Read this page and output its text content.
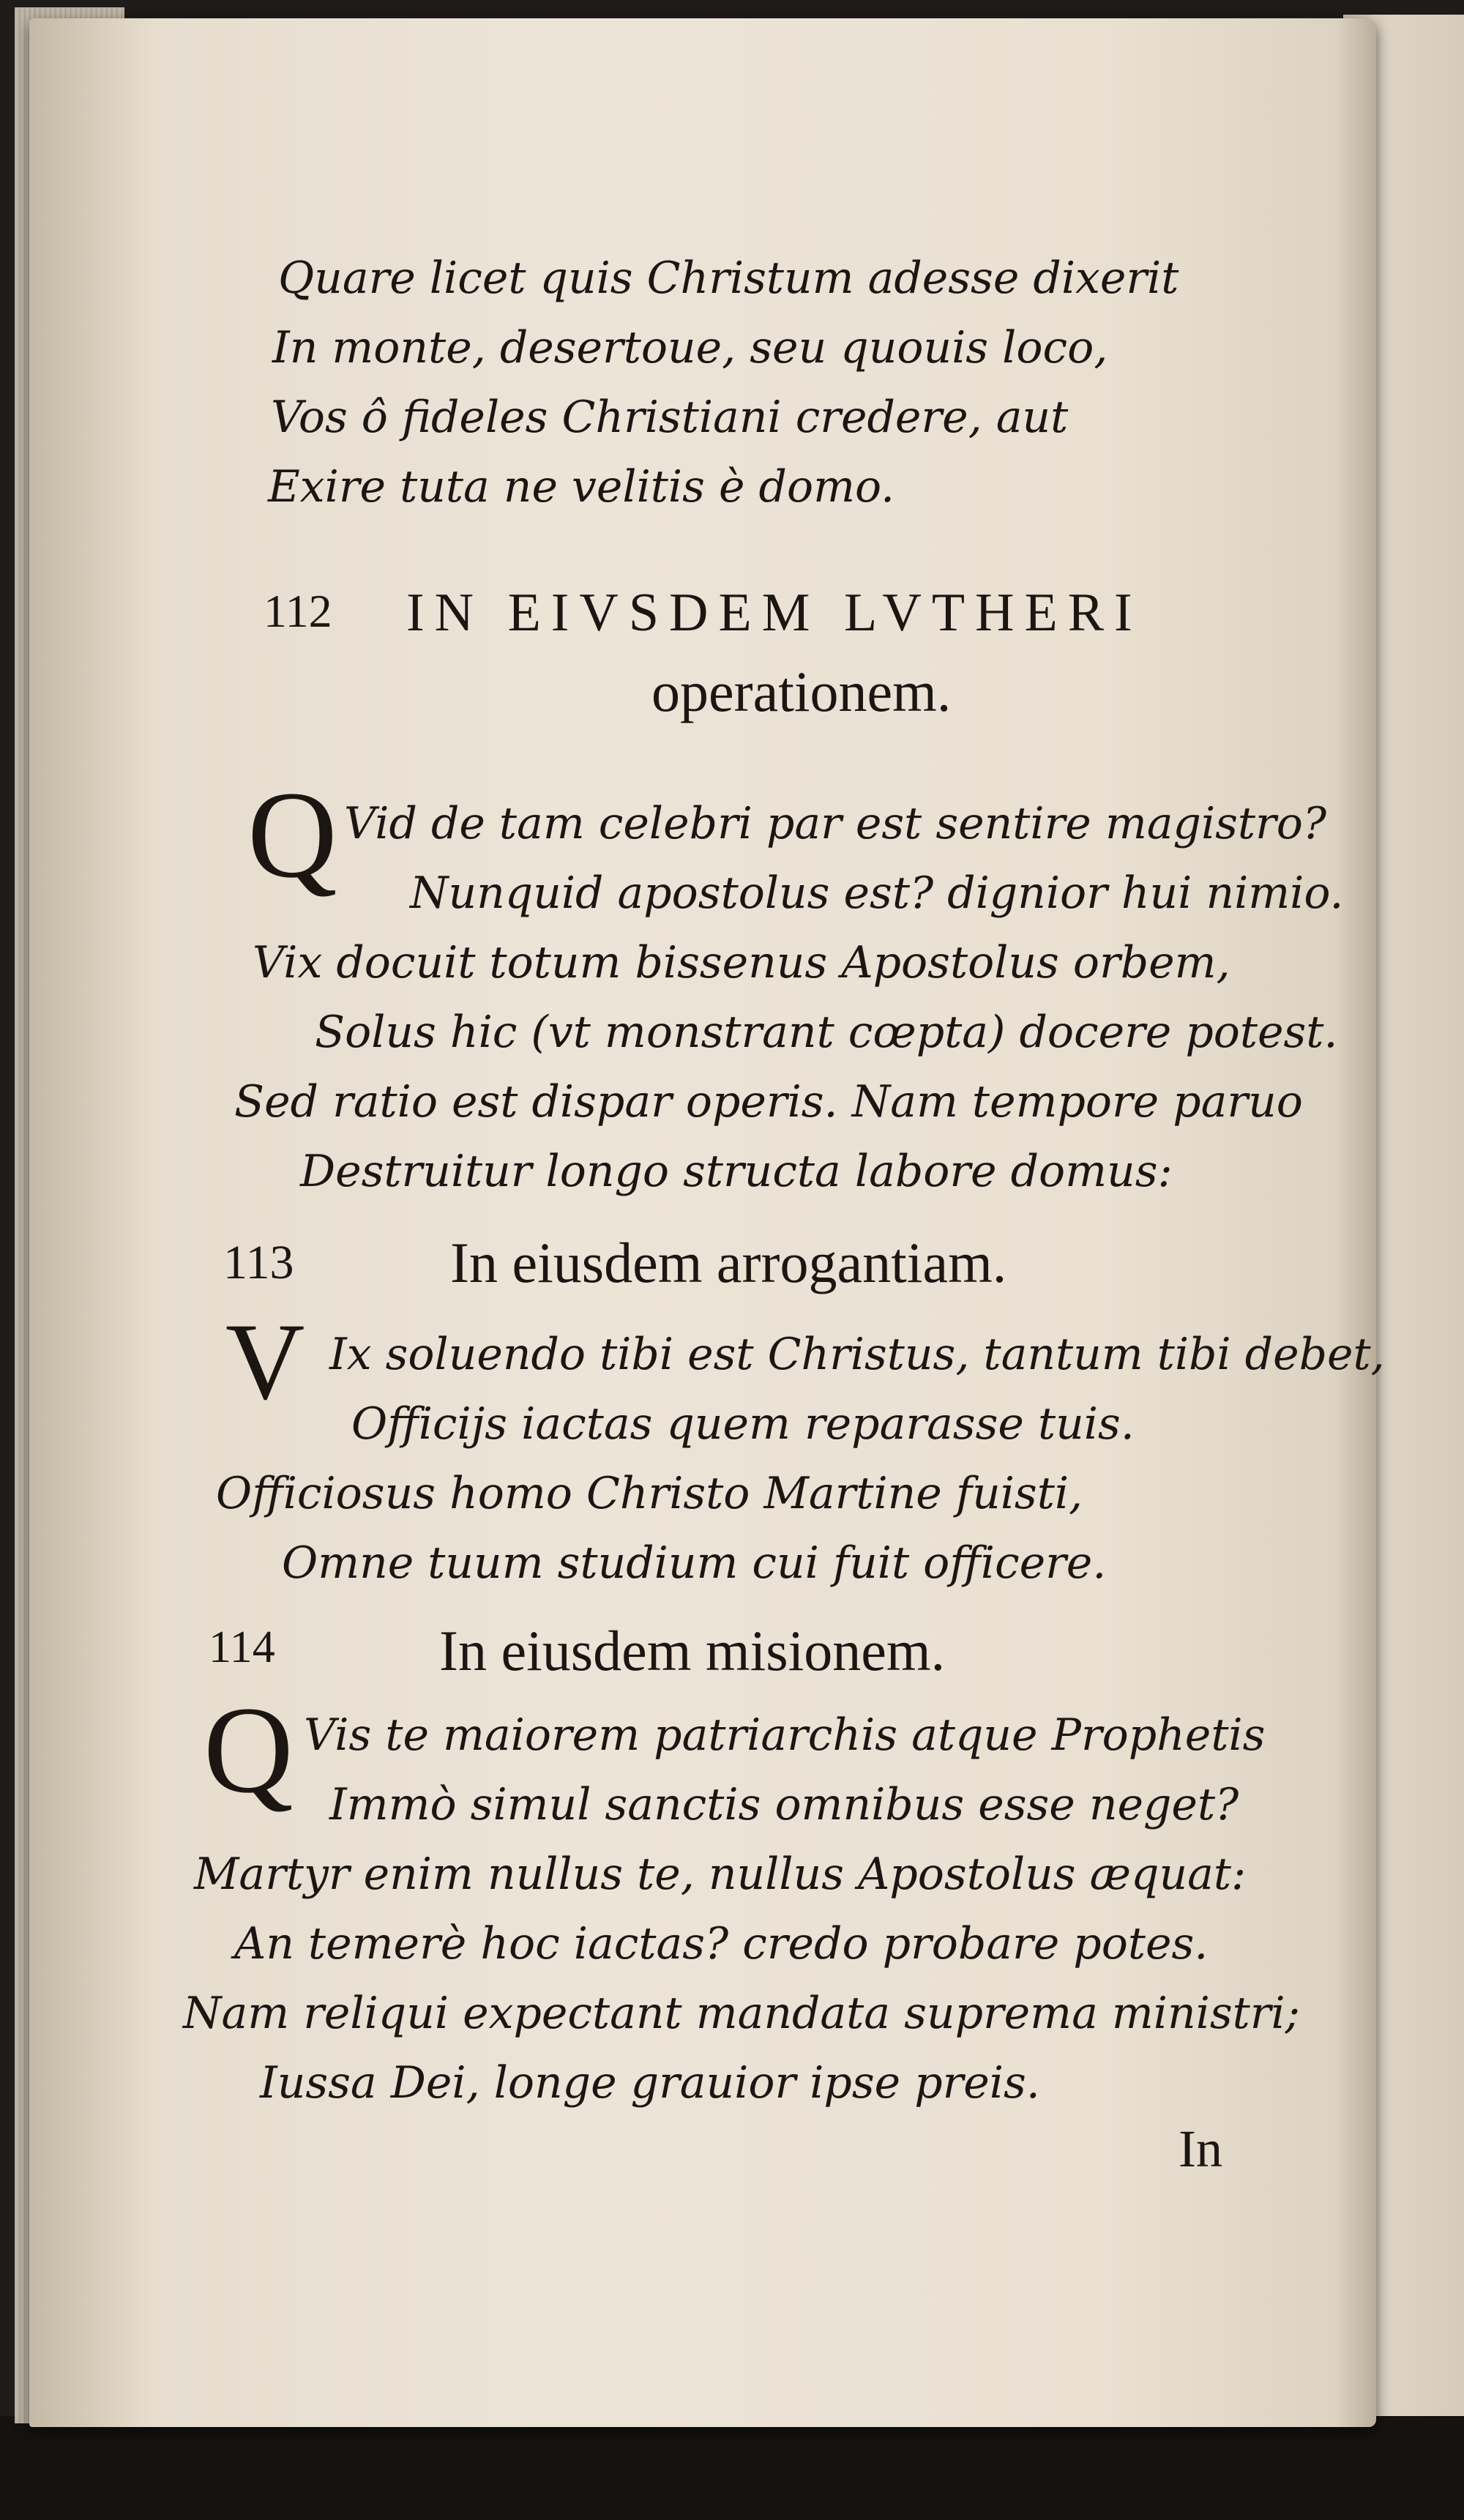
Quare licet quis Christum adesse dixerit
In monte, desertoue, seu quouis loco,
Vos ô fideles Christiani credere, aut
Exire tuta ne velitis è domo.
112 IN EIVSDEM LVTHERI
operationem.
Q Vid de tam celebri par est sentire magistro?
Nunquid apostolus est? dignior hui nimio.
Vix docuit totum bissenus Apostolus orbem,
Solus hic (vt monstrant cœpta) docere potest.
Sed ratio est dispar operis. Nam tempore paruo
Destruitur longo structa labore domus:
113	In eiusdem arrogantiam.
V Ix soluendo tibi est Christus, tantum tibi debet,
Officijs iactas quem reparasse tuis.
Officiosus homo Christo Martine fuisti,
Omne tuum studium cui fuit officere.
114	In eiusdem misionem.
Q Vis te maiorem patriarchis atque Prophetis
Immò simul sanctis omnibus esse neget?
Martyr enim nullus te, nullus Apostolus æquat:
An temerè hoc iactas? credo probare potes.
Nam reliqui expectant mandata suprema ministri;
Iussa Dei, longe grauior ipse preis.
In
